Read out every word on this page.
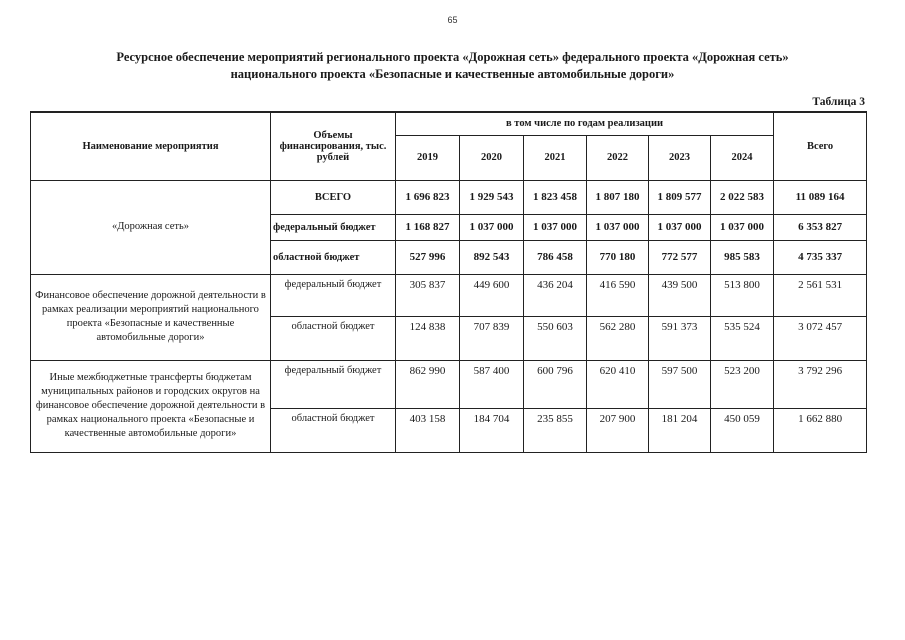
65
Ресурсное обеспечение мероприятий регионального проекта «Дорожная сеть» федерального проекта «Дорожная сеть»
национального проекта «Безопасные и качественные автомобильные дороги»
Таблица 3
Наименование мероприятия	Объемы финансирования, тыс. рублей	в том числе по годам реализации						Всего
		2019	2020	2021	2022	2023	2024	
«Дорожная сеть»	ВСЕГО	1 696 823	1 929 543	1 823 458	1 807 180	1 809 577	2 022 583	11 089 164
	федеральный бюджет	1 168 827	1 037 000	1 037 000	1 037 000	1 037 000	1 037 000	6 353 827
	областной бюджет	527 996	892 543	786 458	770 180	772 577	985 583	4 735 337
Финансовое обеспечение дорожной деятельности в рамках реализации мероприятий национального проекта «Безопасные и качественные автомобильные дороги»	федеральный бюджет	305 837	449 600	436 204	416 590	439 500	513 800	2 561 531
	областной бюджет	124 838	707 839	550 603	562 280	591 373	535 524	3 072 457
Иные межбюджетные трансферты бюджетам муниципальных районов и городских округов на финансовое обеспечение дорожной деятельности в рамках национального проекта «Безопасные и качественные автомобильные дороги»	федеральный бюджет	862 990	587 400	600 796	620 410	597 500	523 200	3 792 296
	областной бюджет	403 158	184 704	235 855	207 900	181 204	450 059	1 662 880
